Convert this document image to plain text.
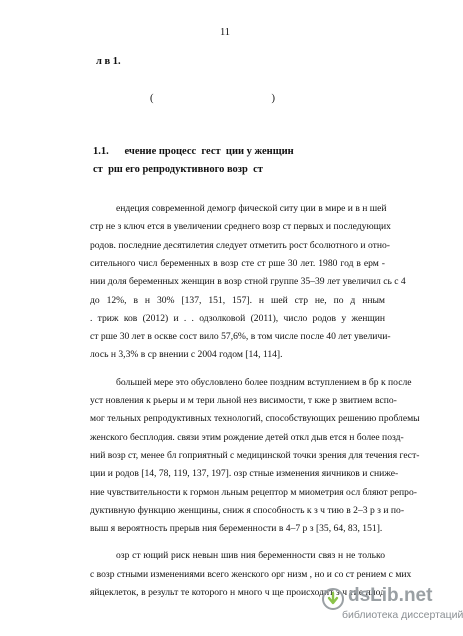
11
л в 1.
(	)
1.1.      ечение процесс  гест  ции у женщин
ст  рш его репродуктивного возр  ст
ендеция современной демогр фической ситу ции в мире и в н шей
стр не з ключ ется в увеличении среднего возр ст первых и последующих
родов. последние десятилетия следует отметить рост бсолютного и отно-
сительного числ беременных в возр сте ст рше 30 лет. 1980 год в ерм -
нии доля беременных женщин в возр стной группе 35–39 лет увеличил сь с 4
до 12%, в н 30% [137, 151, 157]. н шей стр не, по д нным
. триж ков (2012) и . . одзолковой (2011), число родов у женщин
ст рше 30 лет в оскве сост вило 57,6%, в том числе после 40 лет увеличи-
лось н 3,3% в ср внении с 2004 годом [14, 114].
большей мере это обусловлено более поздним вступлением в бр к после
уст новления к рьеры и м тери льной нез висимости, т кже р звитием вспо-
мог тельных репродуктивных технологий, способствующих решению проблемы
женского бесплодия. связи этим рождение детей откл дыв ется н более позд-
ний возр ст, менее бл гоприятный с медицинской точки зрения для течения гест-
ции и родов [14, 78, 119, 137, 197]. озр стные изменения яичников и сниже-
ние чувствительности к гормон льным рецептор м миометрия осл бляют репро-
дуктивную функцию женщины, сниж я способность к з ч тию в 2–3 р з и по-
выш я вероятность прерыв ния беременности в 4–7 р з [35, 64, 83, 151].
озр ст ющий риск невын шив ния беременности связ н не только
с возр стными изменениями всего женского орг низм , но и со ст рением с мих
яйцеклеток, в результ те которого н много ч ще происходит з ч тие плод
dsLib.net
библиотека диссертаций
